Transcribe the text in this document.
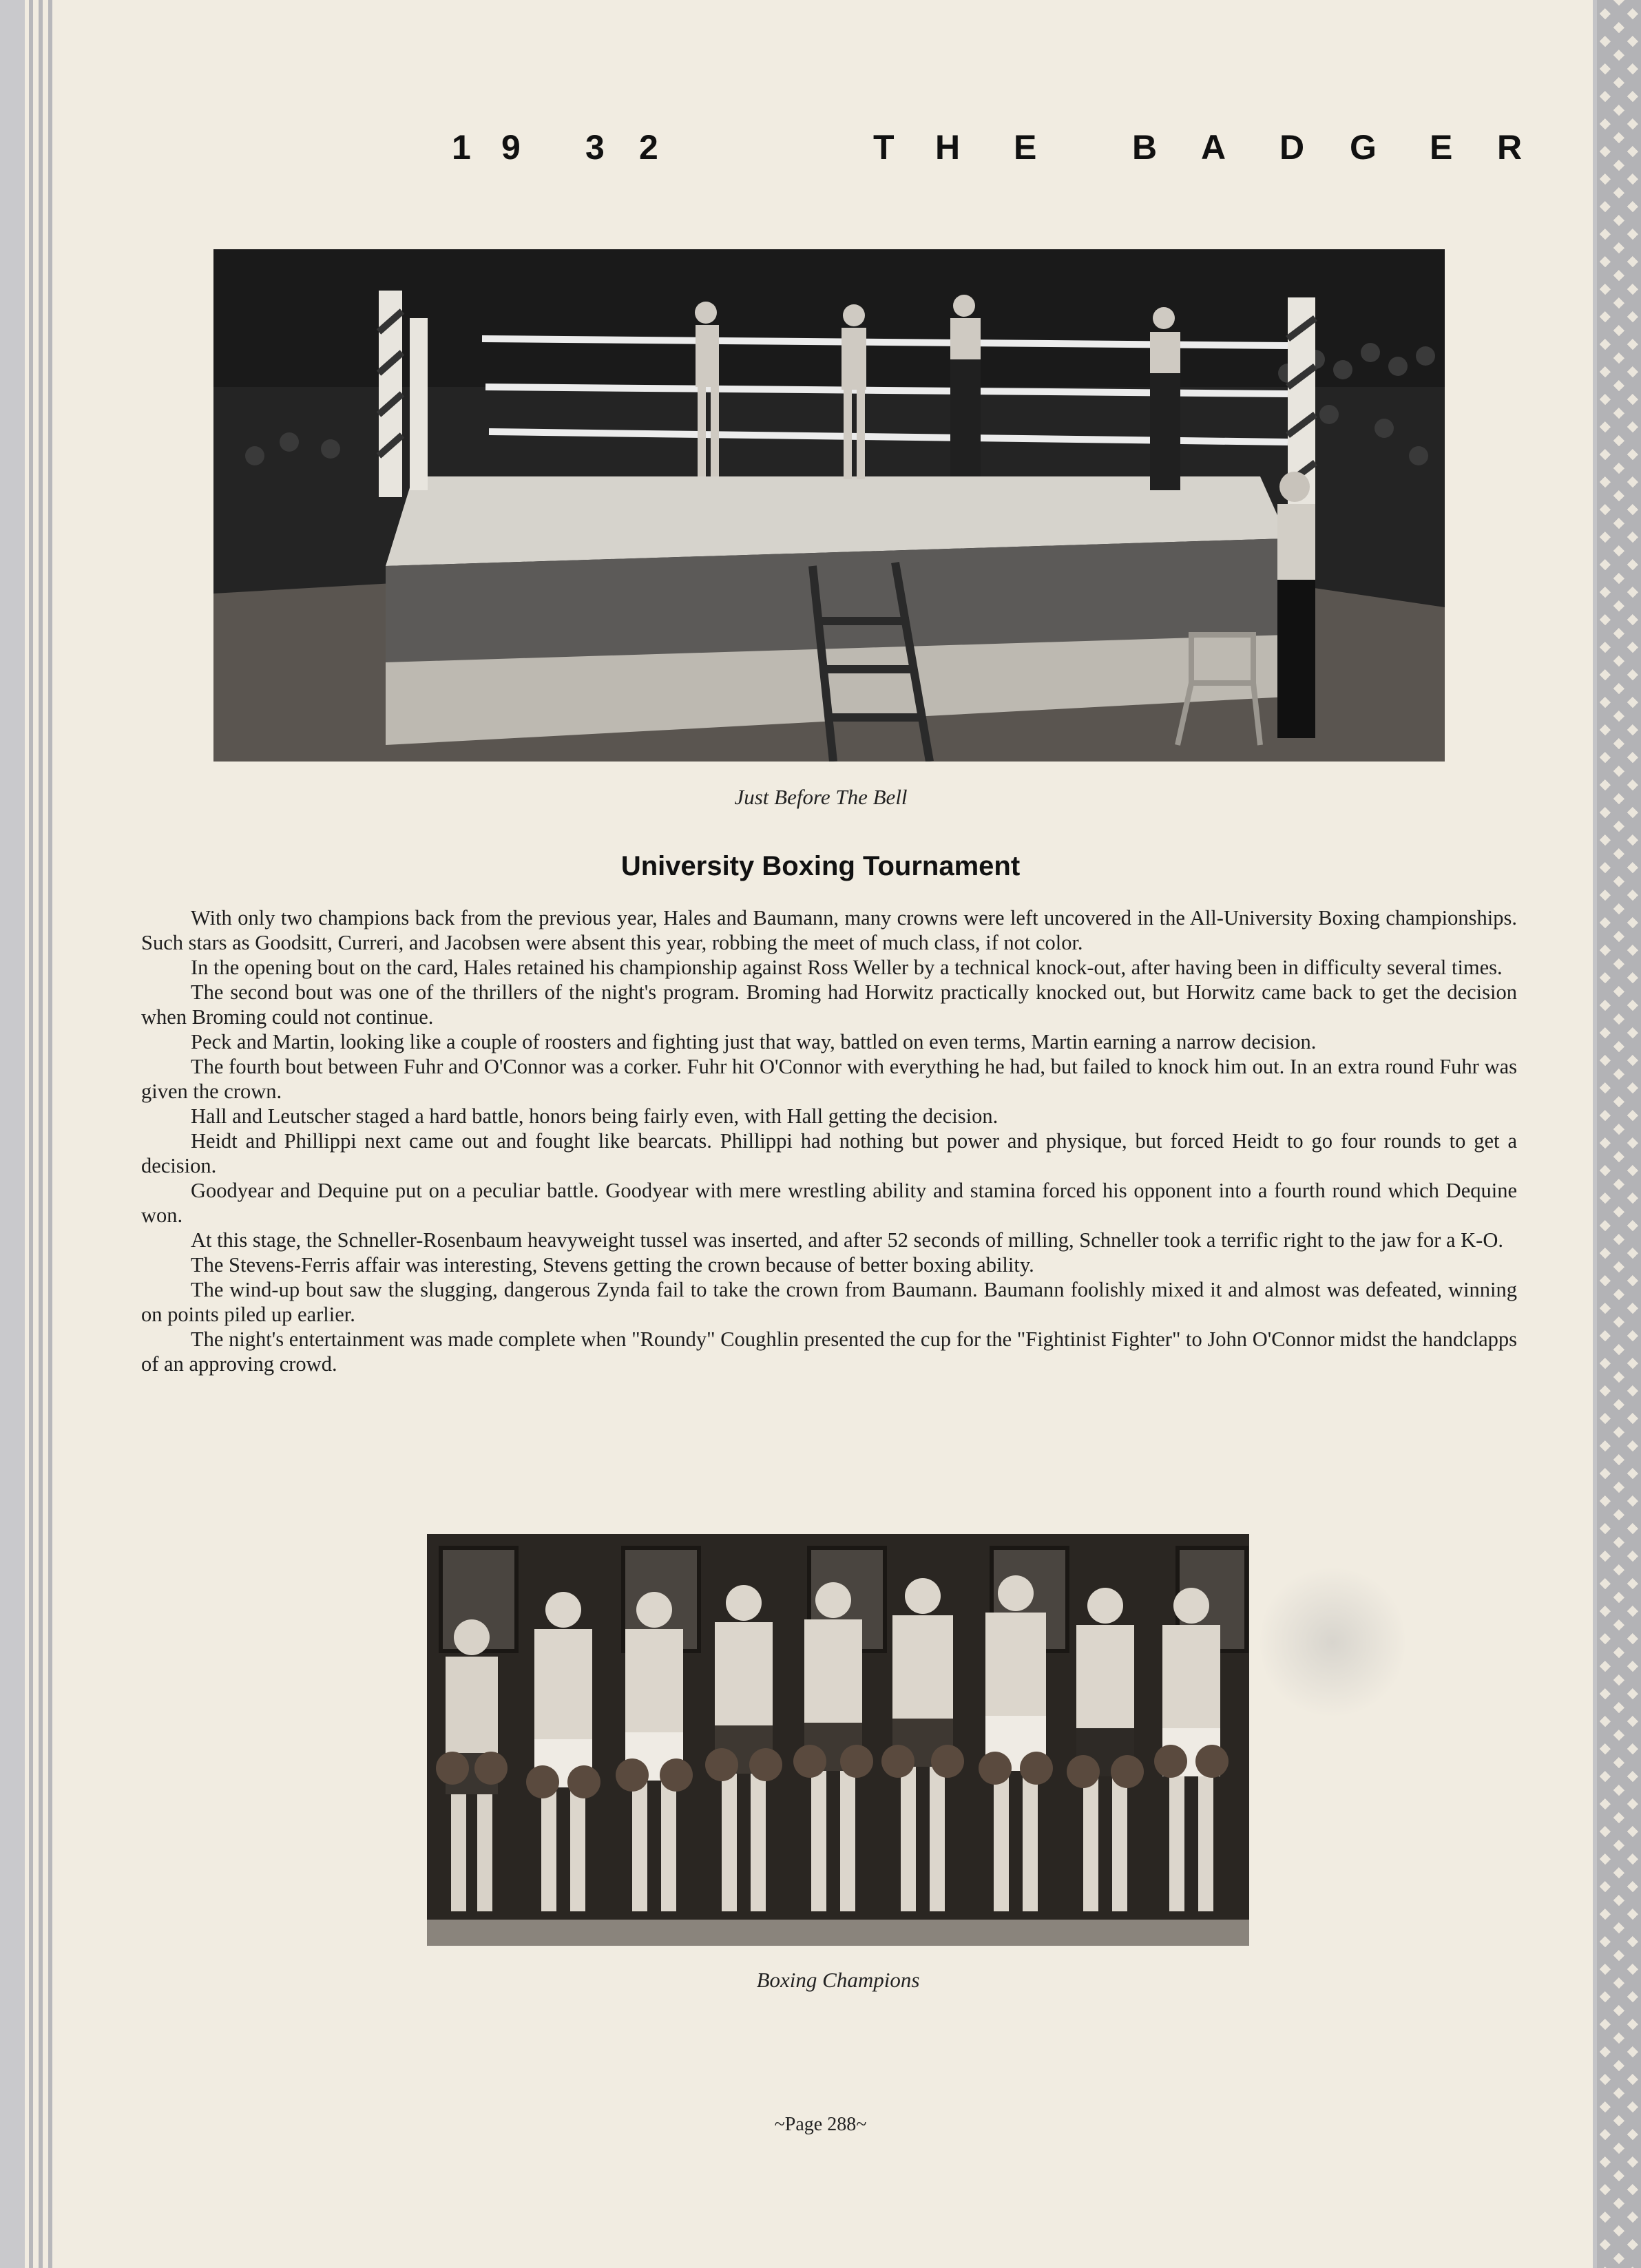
1 9 3 2	T H E	B A D G E R
Just Before The Bell
University Boxing Tournament

With only two champions back from the previous year, Hales and Baumann, many crowns were left uncovered in the All-University Boxing championships. Such stars as Goodsitt, Curreri, and Jacobsen were absent this year, robbing the meet of much class, if not color.

In the opening bout on the card, Hales retained his championship against Ross Weller by a technical knock-out, after having been in difficulty several times.

The second bout was one of the thrillers of the night's program. Broming had Horwitz practically knocked out, but Horwitz came back to get the decision when Broming could not continue.

Peck and Martin, looking like a couple of roosters and fighting just that way, battled on even terms, Martin earning a narrow decision.

The fourth bout between Fuhr and O'Connor was a corker. Fuhr hit O'Connor with everything he had, but failed to knock him out. In an extra round Fuhr was given the crown.

Hall and Leutscher staged a hard battle, honors being fairly even, with Hall getting the decision.

Heidt and Phillippi next came out and fought like bearcats. Phillippi had nothing but power and physique, but forced Heidt to go four rounds to get a decision.

Goodyear and Dequine put on a peculiar battle. Goodyear with mere wrestling ability and stamina forced his opponent into a fourth round which Dequine won.

At this stage, the Schneller-Rosenbaum heavyweight tussel was inserted, and after 52 seconds of milling, Schneller took a terrific right to the jaw for a K-O.

The Stevens-Ferris affair was interesting, Stevens getting the crown because of better boxing ability.

The wind-up bout saw the slugging, dangerous Zynda fail to take the crown from Baumann. Baumann foolishly mixed it and almost was defeated, winning on points piled up earlier.

The night's entertainment was made complete when "Roundy" Coughlin presented the cup for the "Fightinist Fighter" to John O'Connor midst the handclapps of an approving crowd.

Boxing Champions
~Page 288~
